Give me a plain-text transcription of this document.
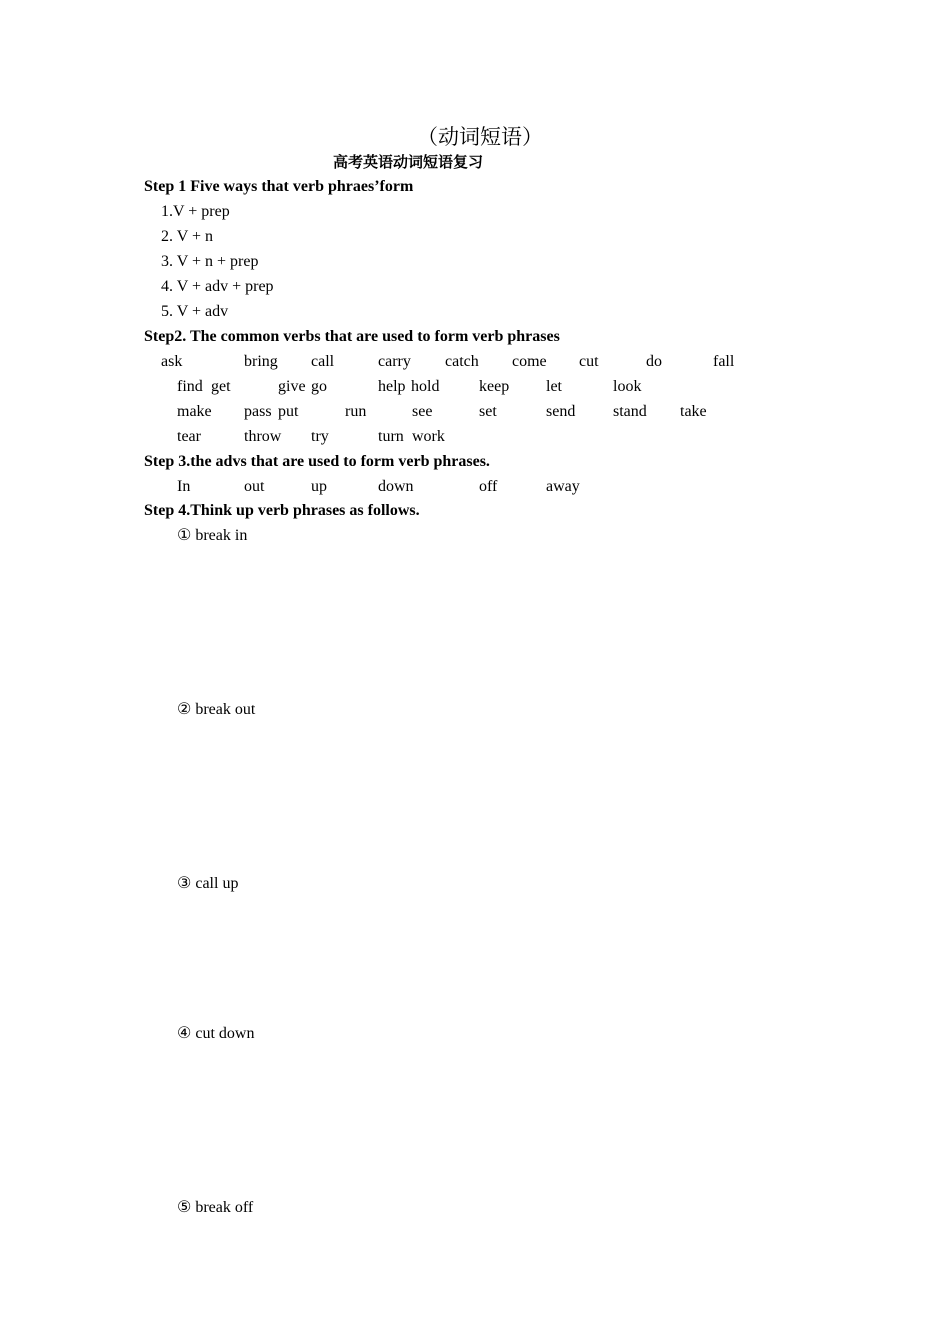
（动词短语）
高考英语动词短语复习
Step 1 Five ways that verb phraes’form
1.V + prep
2. V + n
3. V + n + prep
4. V + adv + prep
5. V + adv
Step2. The common verbs that are used to form verb phrases
ask	bring call	carry catch come cut	do	fall
find get	give go	help hold keep let	look
make pass put	run	see	set	send stand take
tear	throw try	turn work
Step 3.the advs that are used to form verb phrases.
In	out	up	down	off	away
Step 4.Think up verb phrases as follows.
① break in
② break out
③ call up
④ cut down
⑤ break off
